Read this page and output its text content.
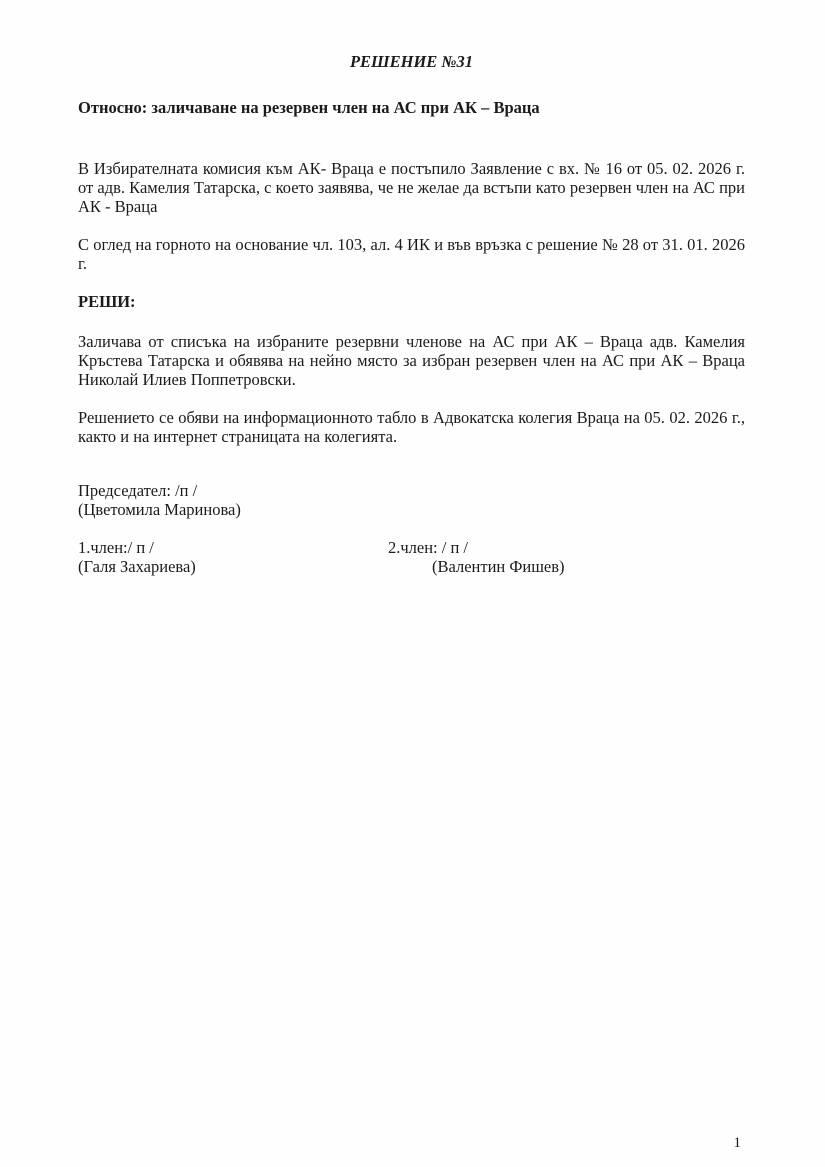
РЕШЕНИЕ №31

Относно: заличаване на резервен член на АС при АК – Враца

В Избирателната комисия към АК- Враца е постъпило Заявление с вх. № 16 от 05. 02. 2026 г. от адв. Камелия Татарска, с което заявява, че не желае да встъпи като резервен член на АС при АК - Враца

С оглед на горното на основание чл. 103, ал. 4 ИК и във връзка с решение № 28 от 31. 01. 2026 г.

РЕШИ:

Заличава от списъка на избраните резервни членове на АС при АК – Враца адв. Камелия Кръстева Татарска и обявява на нейно място за избран резервен член на АС при АК – Враца Николай Илиев Поппетровски.

Решението се обяви на информационното табло в Адвокатска колегия Враца на 05. 02. 2026 г., както и на интернет страницата на колегията.

Председател: /п /

(Цветомила Маринова)

1.член:/ п /

(Галя Захариева)

2.член: / п /

(Валентин Фишев)

1
